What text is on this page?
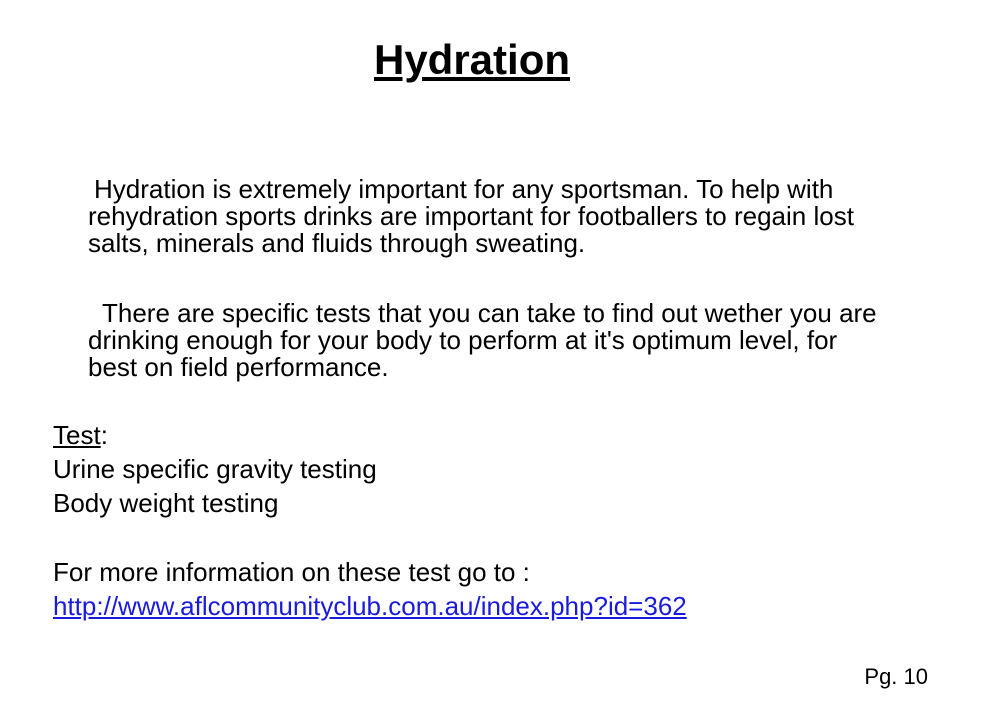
Hydration

Hydration is extremely important for any sportsman. To help with rehydration sports drinks are important for footballers to regain lost salts, minerals and fluids through sweating.

There are specific tests that you can take to find out wether you are drinking enough for your body to perform at it's optimum level, for best on field performance.

Test:
Urine specific gravity testing
Body weight testing
For more information on these test go to :
http://www.aflcommunityclub.com.au/index.php?id=362
Pg. 10
